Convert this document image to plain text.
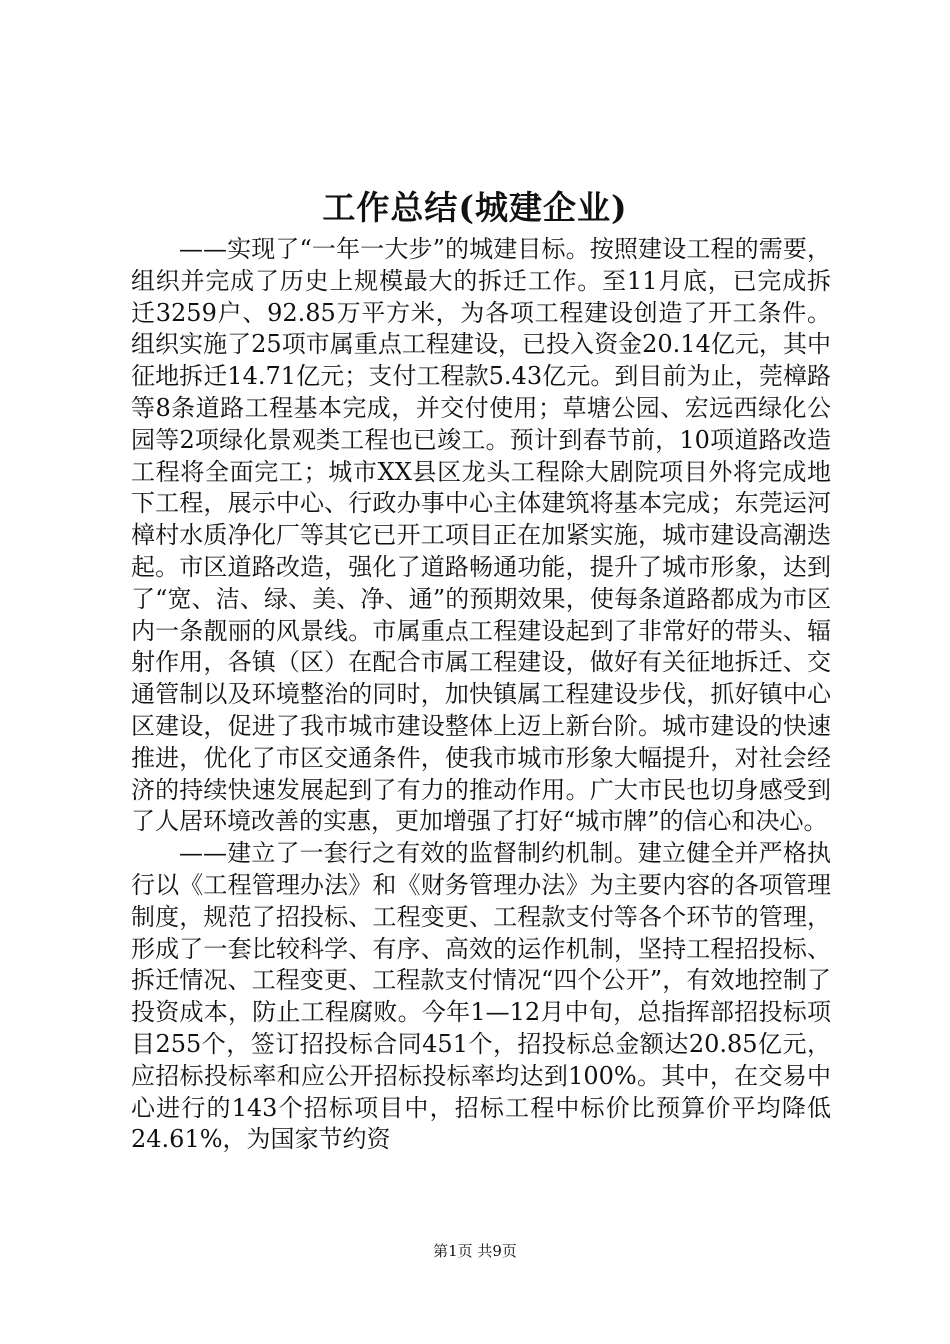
工作总结(城建企业)

——实现了“一年一大步”的城建目标。按照建设工程的需要，组织并完成了历史上规模最大的拆迁工作。至11月底，已完成拆迁3259户、92.85万平方米，为各项工程建设创造了开工条件。组织实施了25项市属重点工程建设，已投入资金20.14亿元，其中征地拆迁14.71亿元；支付工程款5.43亿元。到目前为止，莞樟路等8条道路工程基本完成，并交付使用；草塘公园、宏远西绿化公园等2项绿化景观类工程也已竣工。预计到春节前，10项道路改造工程将全面完工；城市XX县区龙头工程除大剧院项目外将完成地下工程，展示中心、行政办事中心主体建筑将基本完成；东莞运河樟村水质净化厂等其它已开工项目正在加紧实施，城市建设高潮迭起。市区道路改造，强化了道路畅通功能，提升了城市形象，达到了“宽、洁、绿、美、净、通”的预期效果，使每条道路都成为市区内一条靓丽的风景线。市属重点工程建设起到了非常好的带头、辐射作用，各镇（区）在配合市属工程建设，做好有关征地拆迁、交通管制以及环境整治的同时，加快镇属工程建设步伐，抓好镇中心区建设，促进了我市城市建设整体上迈上新台阶。城市建设的快速推进，优化了市区交通条件，使我市城市形象大幅提升，对社会经济的持续快速发展起到了有力的推动作用。广大市民也切身感受到了人居环境改善的实惠，更加增强了打好“城市牌”的信心和决心。

——建立了一套行之有效的监督制约机制。建立健全并严格执行以《工程管理办法》和《财务管理办法》为主要内容的各项管理制度，规范了招投标、工程变更、工程款支付等各个环节的管理，形成了一套比较科学、有序、高效的运作机制，坚持工程招投标、拆迁情况、工程变更、工程款支付情况“四个公开”，有效地控制了投资成本，防止工程腐败。今年1—12月中旬，总指挥部招投标项目255个，签订招投标合同451个，招投标总金额达20.85亿元，应招标投标率和应公开招标投标率均达到100%。其中，在交易中心进行的143个招标项目中，招标工程中标价比预算价平均降低24.61%，为国家节约资

第1页 共9页
